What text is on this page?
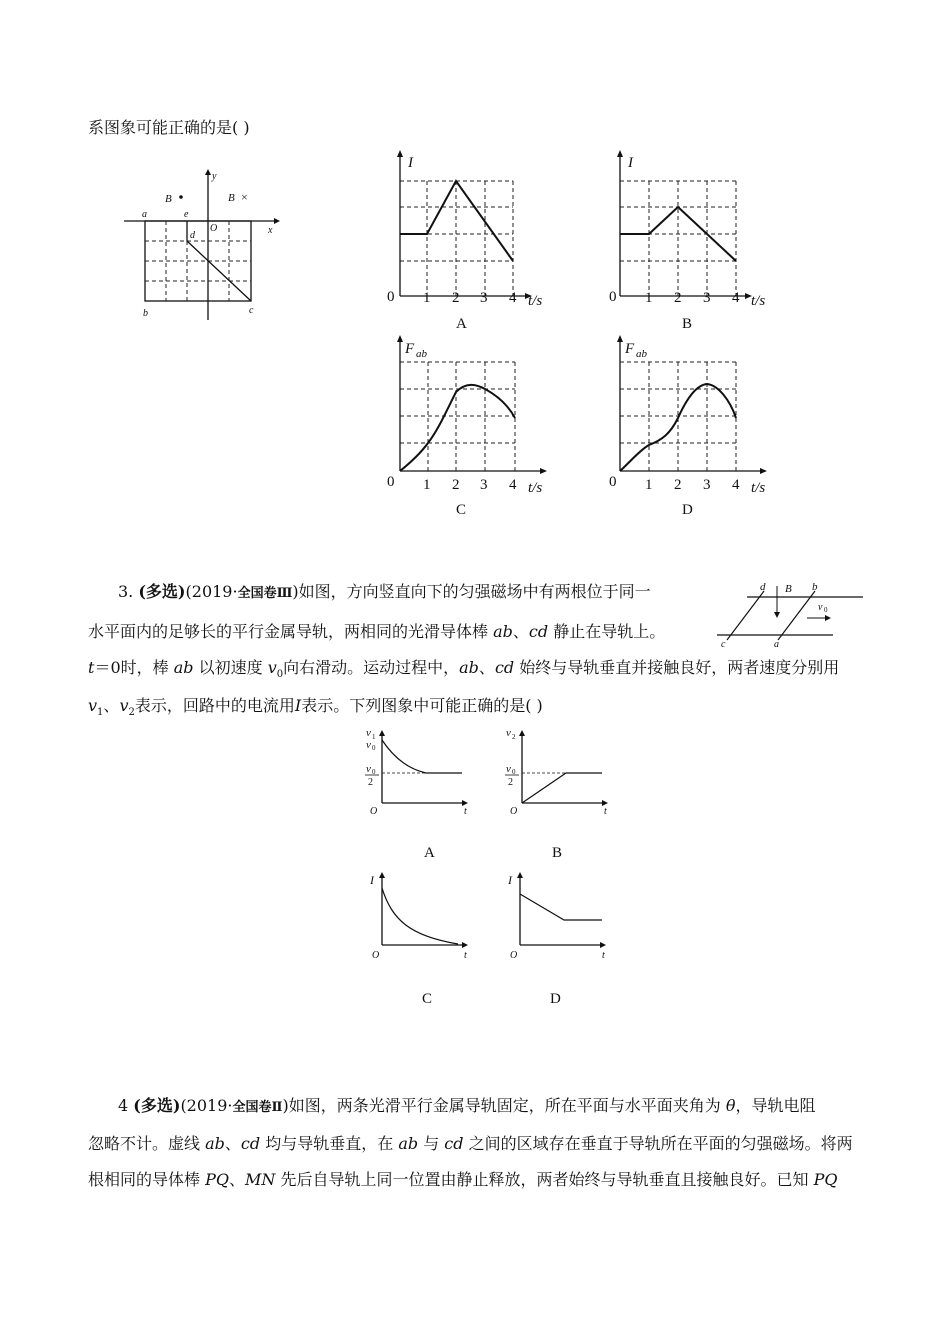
系图象可能正确的是( )
a
b	c
d
e
O	x
y
B	B ×
I
0 1 2 3 4 t/s
A
I
0 1 2 3 4 t/s
B
F ab
0 1 2 3 4 t/s
C
F ab
0 1 2 3 4 t/s
D
3. (多选)(2019·全国卷Ⅲ)如图，方向竖直向下的匀强磁场中有两根位于同一
水平面内的足够长的平行金属导轨，两相同的光滑导体棒 ab、cd 静止在导轨上。
t＝0时，棒 ab 以初速度 $v_0$向右滑动。运动过程中，ab、cd 始终与导轨垂直并接触良好，两者速度分别用
$v_1$、$v_2$表示，回路中的电流用I表示。下列图象中可能正确的是( )
d B b
v 0
c	a
v 1
v 0
v 0
2
O	t
A
v 2
v 0
2
O	t
B
I
O	t
C
I
O	t
D
4 (多选)(2019·全国卷Ⅱ)如图，两条光滑平行金属导轨固定，所在平面与水平面夹角为 θ，导轨电阻
忽略不计。虚线 ab、cd 均与导轨垂直，在 ab 与 cd 之间的区域存在垂直于导轨所在平面的匀强磁场。将两
根相同的导体棒 PQ、MN 先后自导轨上同一位置由静止释放，两者始终与导轨垂直且接触良好。已知 PQ
